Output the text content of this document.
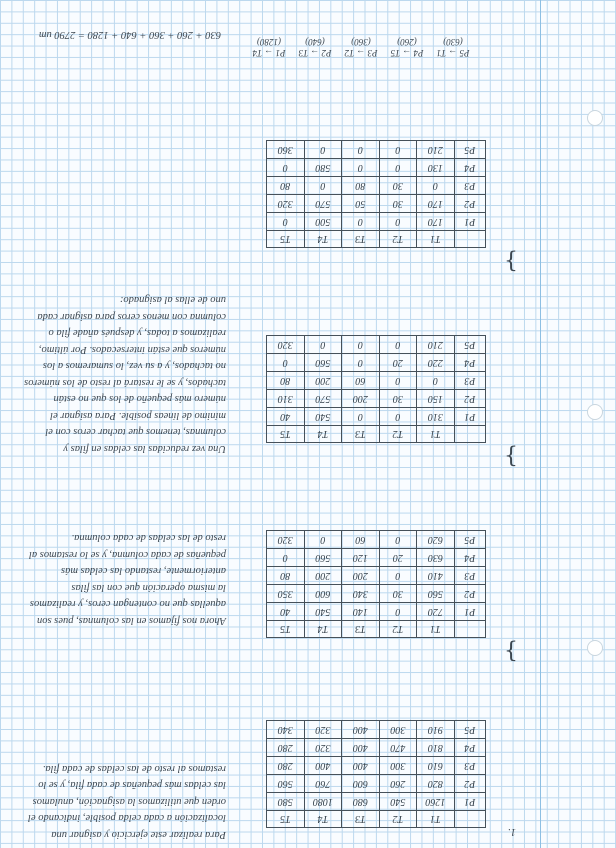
1.

Para realizar este ejercicio y asignar una localización a cada celda posible, indicando el orden que utilizamos la asignación, anulamos las celdas más pequeñas de cada fila, y se lo restamos al resto de las celdas de cada fila.

Ahora nos fijamos en las columnas, pues son aquellas que no contengan ceros, y realizamos la misma operación que con las filas anteriormente, restando las celdas más pequeñas de cada columna, y se lo restamos al resto de las celdas de cada columna.

Una vez reducidas las celdas en filas y columnas, tenemos que tachar ceros con el mínimo de líneas posible. Para asignar el número más pequeño de los que no están tachados, y se le restará al resto de los números no tachados, y a su vez, lo sumaremos a los números que están intersecados. Por último, realizamos a todas, y después añade fila o columna con menos ceros para asignar cada uno de ellas al asignado:

630 + 260 + 360 + 640 + 1280 = 2790 um
	T1	T2	T3	T4	T5
P1	1260	540	680	1080	580
P2	820	260	600	760	560
P3	610	300	400	400	280
P4	810	470	400	320	280
P5	910	300	400	320	340
	T1	T2	T3	T4	T5
P1	720	0	140	540	40
P2	560	30	340	600	350
P3	410	0	200	200	80
P4	630	20	120	560	0
P5	620	0	60	0	320
	T1	T2	T3	T4	T5
P1	310	0	0	540	40
P2	150	30	200	570	310
P3	0	0	60	200	80
P4	220	20	0	560	0
P5	210	0	0	0	320
	T1	T2	T3	T4	T5
P1	170	0	0	500	0
P2	170	30	50	570	320
P3	0	30	80	0	80
P4	130	0	0	580	0
P5	210	0	0	0	360
}
}
}
P5 → T1
(630)
P4 → T5
(260)
P3 → T2
(360)
P2 → T3
(640)
P1 → T4
(1280)
